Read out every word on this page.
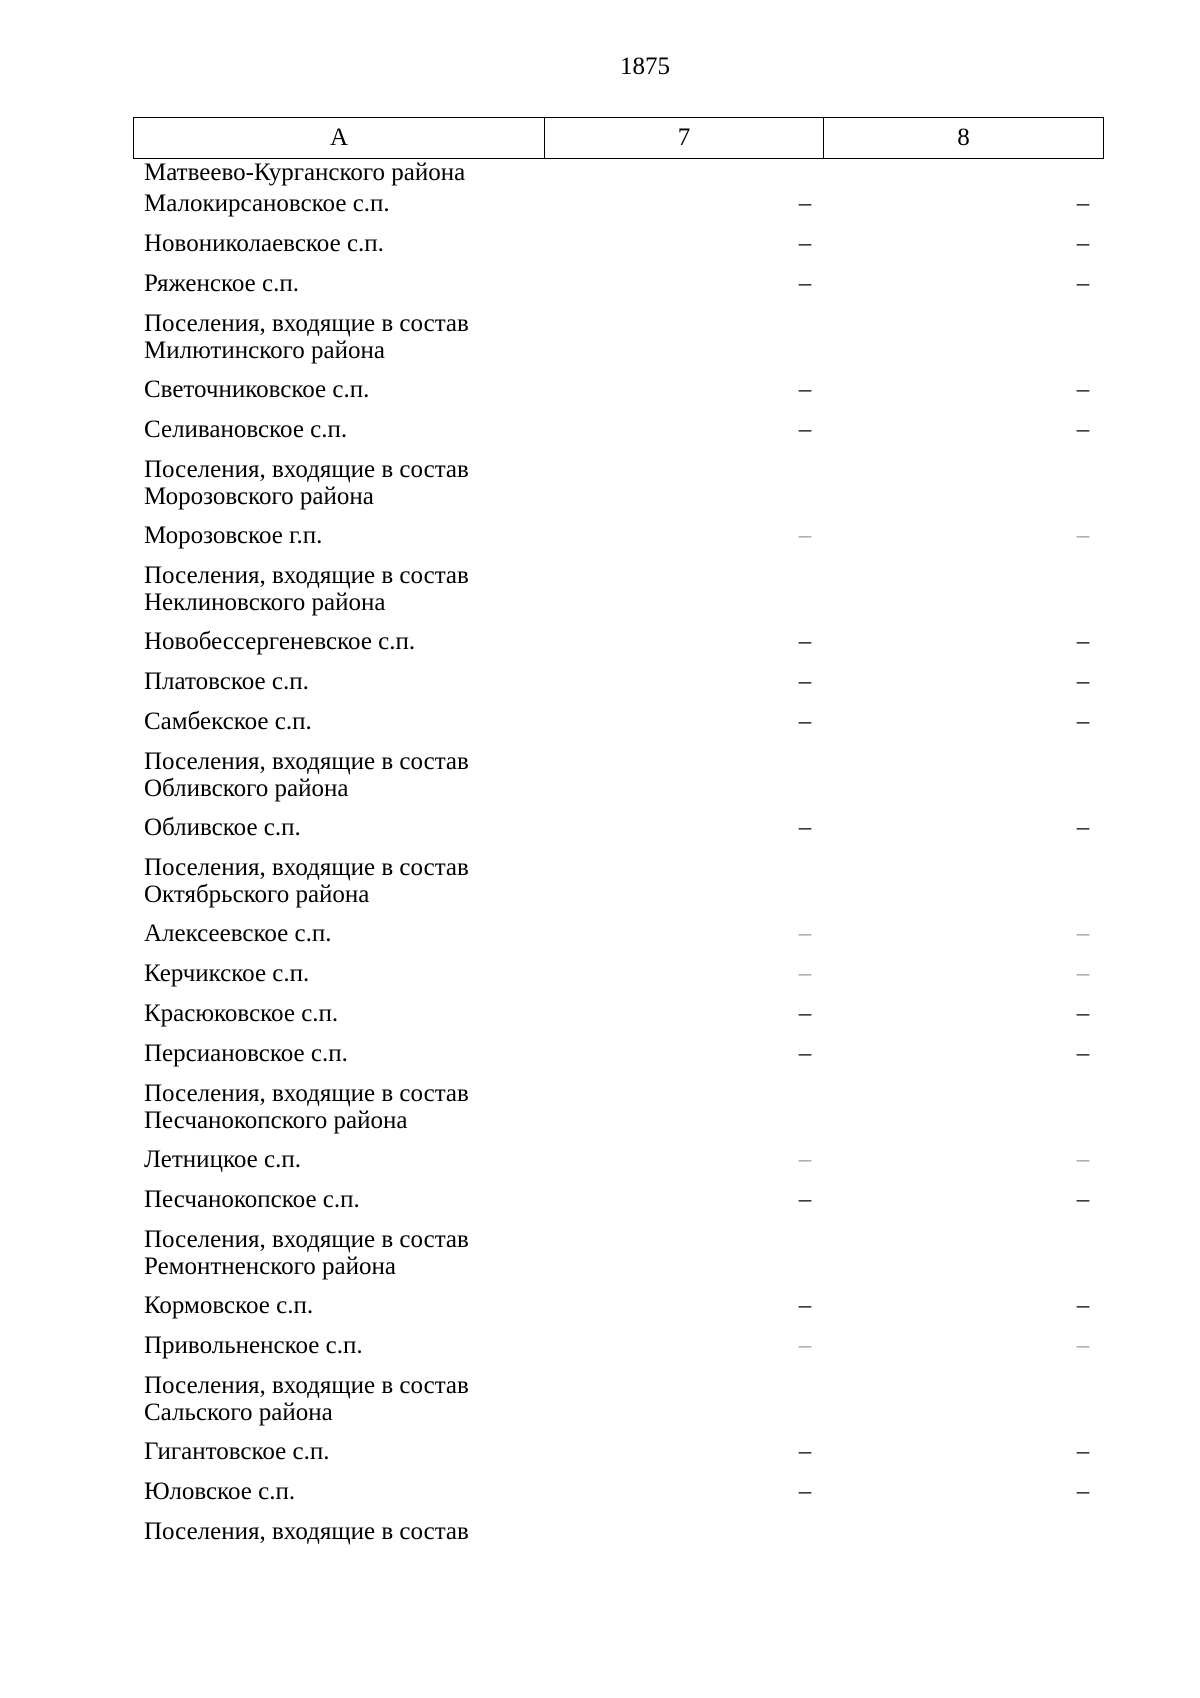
1875
А	7	8
Матвеево-Курганского района
Малокирсановское с.п.	–	–
Новониколаевское с.п.	–	–
Ряженское с.п.	–	–
Поселения, входящие в состав Милютинского района
Светочниковское с.п.	–	–
Селивановское с.п.	–	–
Поселения, входящие в состав Морозовского района
Морозовское г.п.	–	–
Поселения, входящие в состав Неклиновского района
Новобессергеневское с.п.	–	–
Платовское с.п.	–	–
Самбекское с.п.	–	–
Поселения, входящие в состав Обливского района
Обливское с.п.	–	–
Поселения, входящие в состав Октябрьского района
Алексеевское с.п.	–	–
Керчикское с.п.	–	–
Красюковское с.п.	–	–
Персиановское с.п.	–	–
Поселения, входящие в состав Песчанокопского района
Летницкое с.п.	–	–
Песчанокопское с.п.	–	–
Поселения, входящие в состав Ремонтненского района
Кормовское с.п.	–	–
Привольненское с.п.	–	–
Поселения, входящие в состав Сальского района
Гигантовское с.п.	–	–
Юловское с.п.	–	–
Поселения, входящие в состав
